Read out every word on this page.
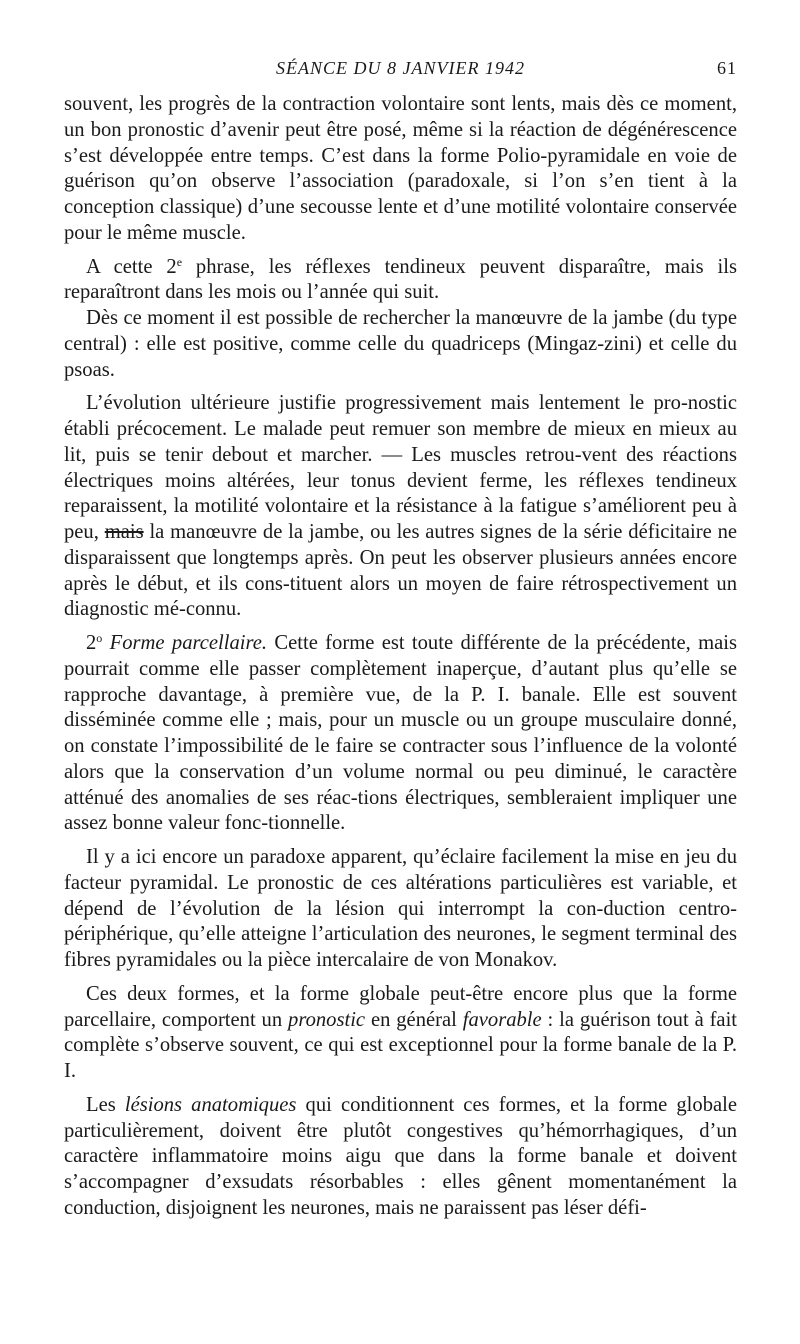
SÉANCE DU 8 JANVIER 1942	61

souvent, les progrès de la contraction volontaire sont lents, mais dès ce moment, un bon pronostic d’avenir peut être posé, même si la réaction de dégénérescence s’est développée entre temps. C’est dans la forme Polio-pyramidale en voie de guérison qu’on observe l’association (paradoxale, si l’on s’en tient à la conception classique) d’une secousse lente et d’une motilité volontaire conservée pour le même muscle.

A cette 2e phrase, les réflexes tendineux peuvent disparaître, mais ils reparaîtront dans les mois ou l’année qui suit.

Dès ce moment il est possible de rechercher la manœuvre de la jambe (du type central) : elle est positive, comme celle du quadriceps (Mingaz-zini) et celle du psoas.

L’évolution ultérieure justifie progressivement mais lentement le pro-nostic établi précocement. Le malade peut remuer son membre de mieux en mieux au lit, puis se tenir debout et marcher. — Les muscles retrou-vent des réactions électriques moins altérées, leur tonus devient ferme, les réflexes tendineux reparaissent, la motilité volontaire et la résistance à la fatigue s’améliorent peu à peu, mais la manœuvre de la jambe, ou les autres signes de la série déficitaire ne disparaissent que longtemps après. On peut les observer plusieurs années encore après le début, et ils cons-tituent alors un moyen de faire rétrospectivement un diagnostic mé-connu.

2$^o$ Forme parcellaire. Cette forme est toute différente de la précédente, mais pourrait comme elle passer complètement inaperçue, d’autant plus qu’elle se rapproche davantage, à première vue, de la P. I. banale. Elle est souvent disséminée comme elle ; mais, pour un muscle ou un groupe musculaire donné, on constate l’impossibilité de le faire se contracter sous l’influence de la volonté alors que la conservation d’un volume normal ou peu diminué, le caractère atténué des anomalies de ses réac-tions électriques, sembleraient impliquer une assez bonne valeur fonc-tionnelle.

Il y a ici encore un paradoxe apparent, qu’éclaire facilement la mise en jeu du facteur pyramidal. Le pronostic de ces altérations particulières est variable, et dépend de l’évolution de la lésion qui interrompt la con-duction centro-périphérique, qu’elle atteigne l’articulation des neurones, le segment terminal des fibres pyramidales ou la pièce intercalaire de von Monakov.

Ces deux formes, et la forme globale peut-être encore plus que la forme parcellaire, comportent un pronostic en général favorable : la guérison tout à fait complète s’observe souvent, ce qui est exceptionnel pour la forme banale de la P. I.

Les lésions anatomiques qui conditionnent ces formes, et la forme globale particulièrement, doivent être plutôt congestives qu’hémorrhagiques, d’un caractère inflammatoire moins aigu que dans la forme banale et doivent s’accompagner d’exsudats résorbables : elles gênent momentanément la conduction, disjoignent les neurones, mais ne paraissent pas léser défi-
